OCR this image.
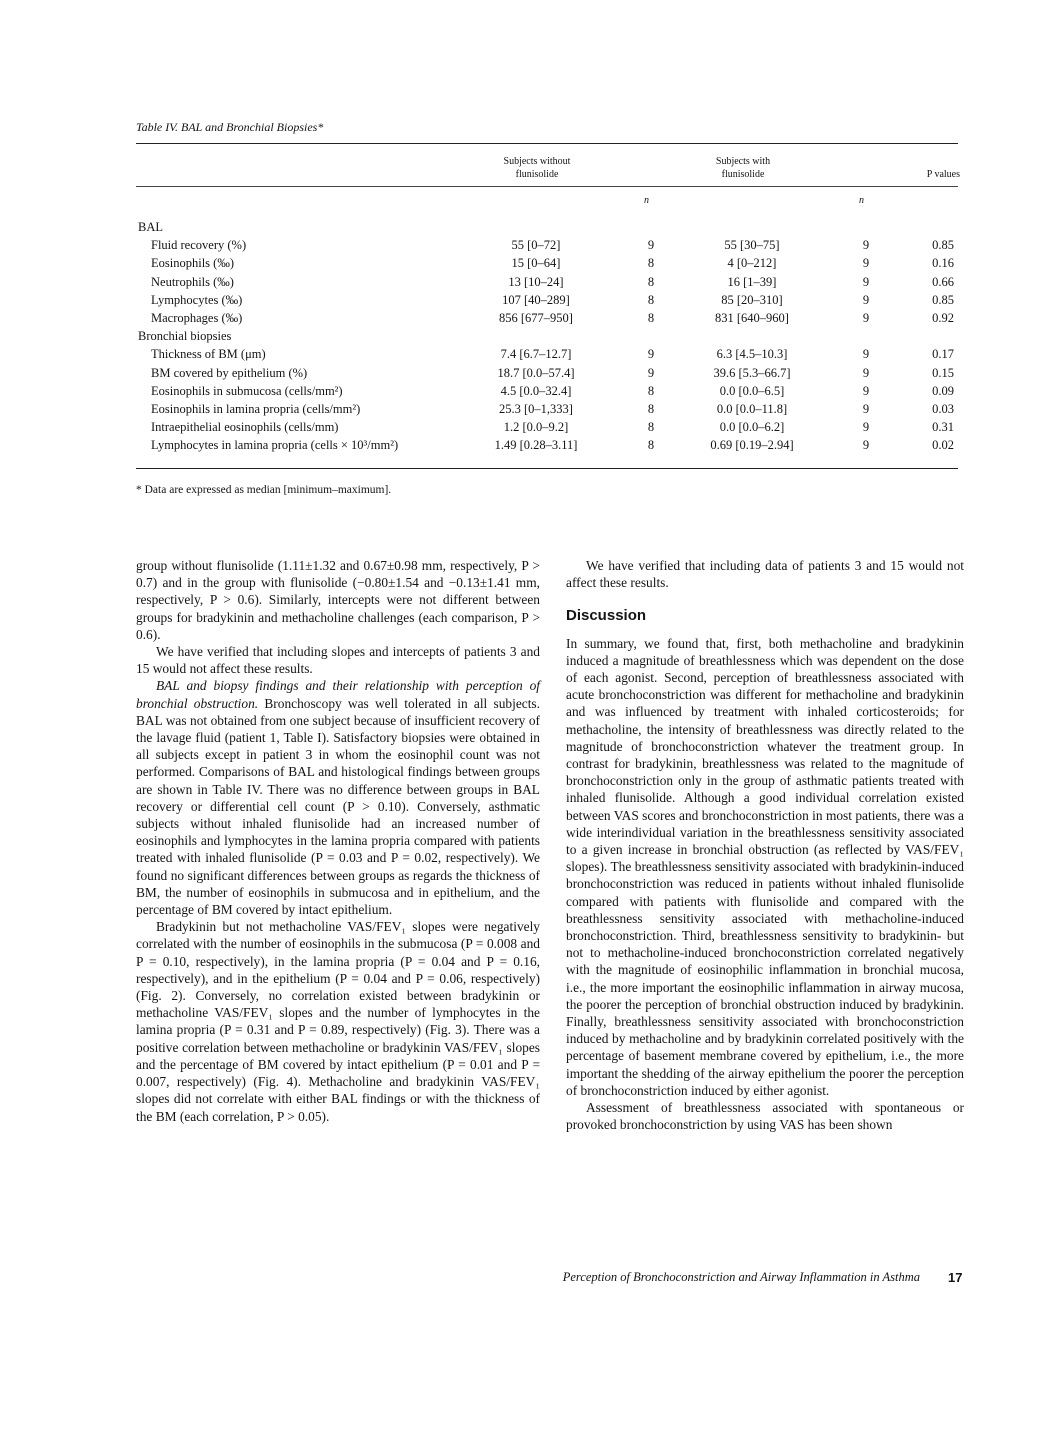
Table IV. BAL and Bronchial Biopsies*
Subjects without
flunisolide
Subjects with
flunisolide	P values
n	n
BAL
Fluid recovery (%)	55 [0–72]	9	55 [30–75]	9	0.85
Eosinophils (‰)	15 [0–64]	8	4 [0–212]	9	0.16
Neutrophils (‰)	13 [10–24]	8	16 [1–39]	9	0.66
Lymphocytes (‰)	107 [40–289]	8	85 [20–310]	9	0.85
Macrophages (‰)	856 [677–950]	8	831 [640–960]	9	0.92
Bronchial biopsies
Thickness of BM (μm)	7.4 [6.7–12.7]	9	6.3 [4.5–10.3]	9	0.17
BM covered by epithelium (%)	18.7 [0.0–57.4]	9	39.6 [5.3–66.7]	9	0.15
Eosinophils in submucosa (cells/mm²)	4.5 [0.0–32.4]	8	0.0 [0.0–6.5]	9	0.09
Eosinophils in lamina propria (cells/mm²)	25.3 [0–1,333]	8	0.0 [0.0–11.8]	9	0.03
Intraepithelial eosinophils (cells/mm)	1.2 [0.0–9.2]	8	0.0 [0.0–6.2]	9	0.31
Lymphocytes in lamina propria (cells × 10³/mm²)	1.49 [0.28–3.11]	8	0.69 [0.19–2.94]	9	0.02
* Data are expressed as median [minimum–maximum].

group without flunisolide (1.11±1.32 and 0.67±0.98 mm, respectively, P > 0.7) and in the group with flunisolide (−0.80±1.54 and −0.13±1.41 mm, respectively, P > 0.6). Similarly, intercepts were not different between groups for bradykinin and methacholine challenges (each comparison, P > 0.6).

We have verified that including slopes and intercepts of patients 3 and 15 would not affect these results.

BAL and biopsy findings and their relationship with perception of bronchial obstruction. Bronchoscopy was well tolerated in all subjects. BAL was not obtained from one subject because of insufficient recovery of the lavage fluid (patient 1, Table I). Satisfactory biopsies were obtained in all subjects except in patient 3 in whom the eosinophil count was not performed. Comparisons of BAL and histological findings between groups are shown in Table IV. There was no difference between groups in BAL recovery or differential cell count (P > 0.10). Conversely, asthmatic subjects without inhaled flunisolide had an increased number of eosinophils and lymphocytes in the lamina propria compared with patients treated with inhaled flunisolide (P = 0.03 and P = 0.02, respectively). We found no significant differences between groups as regards the thickness of BM, the number of eosinophils in submucosa and in epithelium, and the percentage of BM covered by intact epithelium.

Bradykinin but not methacholine VAS/FEV₁ slopes were negatively correlated with the number of eosinophils in the submucosa (P = 0.008 and P = 0.10, respectively), in the lamina propria (P = 0.04 and P = 0.16, respectively), and in the epithelium (P = 0.04 and P = 0.06, respectively) (Fig. 2). Conversely, no correlation existed between bradykinin or methacholine VAS/FEV₁ slopes and the number of lymphocytes in the lamina propria (P = 0.31 and P = 0.89, respectively) (Fig. 3). There was a positive correlation between methacholine or bradykinin VAS/FEV₁ slopes and the percentage of BM covered by intact epithelium (P = 0.01 and P = 0.007, respectively) (Fig. 4). Methacholine and bradykinin VAS/FEV₁ slopes did not correlate with either BAL findings or with the thickness of the BM (each correlation, P > 0.05).

We have verified that including data of patients 3 and 15 would not affect these results.

Discussion

In summary, we found that, first, both methacholine and bradykinin induced a magnitude of breathlessness which was dependent on the dose of each agonist. Second, perception of breathlessness associated with acute bronchoconstriction was different for methacholine and bradykinin and was influenced by treatment with inhaled corticosteroids; for methacholine, the intensity of breathlessness was directly related to the magnitude of bronchoconstriction whatever the treatment group. In contrast for bradykinin, breathlessness was related to the magnitude of bronchoconstriction only in the group of asthmatic patients treated with inhaled flunisolide. Although a good individual correlation existed between VAS scores and bronchoconstriction in most patients, there was a wide interindividual variation in the breathlessness sensitivity associated to a given increase in bronchial obstruction (as reflected by VAS/FEV₁ slopes). The breathlessness sensitivity associated with bradykinin-induced bronchoconstriction was reduced in patients without inhaled flunisolide compared with patients with flunisolide and compared with the breathlessness sensitivity associated with methacholine-induced bronchoconstriction. Third, breathlessness sensitivity to bradykinin- but not to methacholine-induced bronchoconstriction correlated negatively with the magnitude of eosinophilic inflammation in bronchial mucosa, i.e., the more important the eosinophilic inflammation in airway mucosa, the poorer the perception of bronchial obstruction induced by bradykinin. Finally, breathlessness sensitivity associated with bronchoconstriction induced by methacholine and by bradykinin correlated positively with the percentage of basement membrane covered by epithelium, i.e., the more important the shedding of the airway epithelium the poorer the perception of bronchoconstriction induced by either agonist.

Assessment of breathlessness associated with spontaneous or provoked bronchoconstriction by using VAS has been shown

Perception of Bronchoconstriction and Airway Inflammation in Asthma 17
